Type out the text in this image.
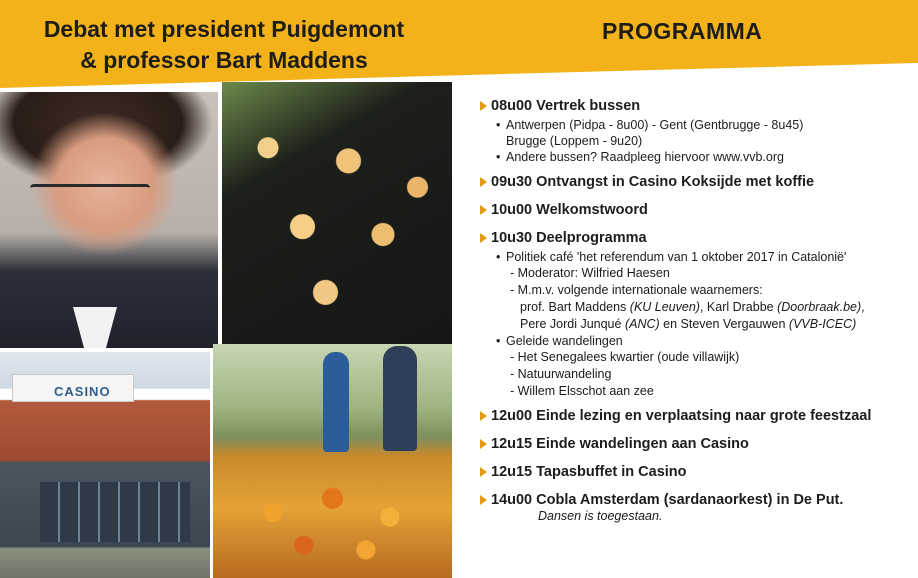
Debat met president Puigdemont
& professor Bart Maddens
PROGRAMMA
CASINO
08u00 Vertrek bussen
• Antwerpen (Pidpa - 8u00) - Gent (Gentbrugge - 8u45)
Brugge (Loppem - 9u20)
• Andere bussen? Raadpleeg hiervoor www.vvb.org
09u30 Ontvangst in Casino Koksijde met koffie
10u00 Welkomstwoord
10u30 Deelprogramma
• Politiek café 'het referendum van 1 oktober 2017 in Catalonië'
- Moderator: Wilfried Haesen
- M.m.v. volgende internationale waarnemers:
prof. Bart Maddens (KU Leuven), Karl Drabbe (Doorbraak.be),
Pere Jordi Junqué (ANC) en Steven Vergauwen (VVB-ICEC)
• Geleide wandelingen
- Het Senegalees kwartier (oude villawijk)
- Natuurwandeling
- Willem Elsschot aan zee
12u00 Einde lezing en verplaatsing naar grote feestzaal
12u15 Einde wandelingen aan Casino
12u15 Tapasbuffet in Casino
14u00 Cobla Amsterdam (sardanaorkest) in De Put.
Dansen is toegestaan.
